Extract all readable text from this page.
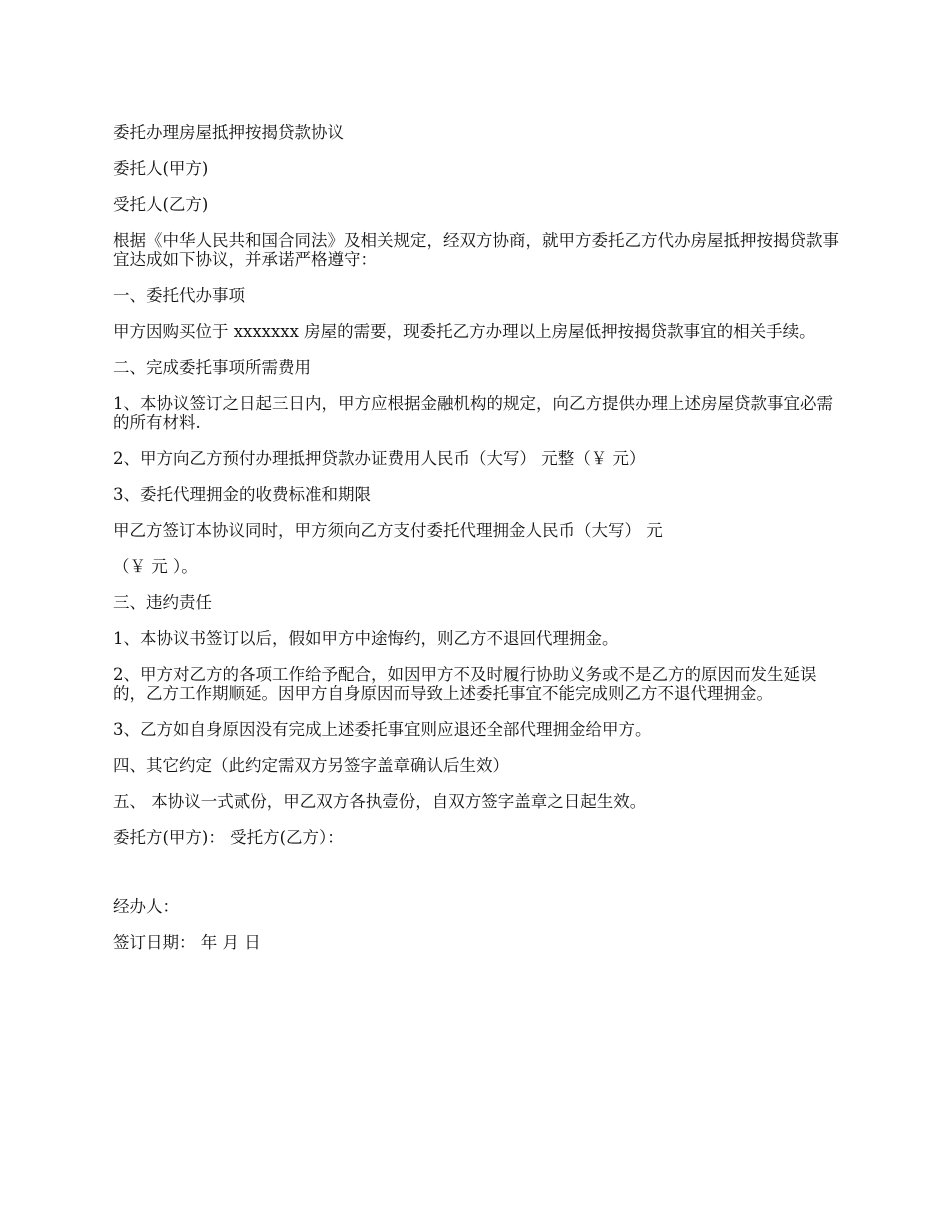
委托办理房屋抵押按揭贷款协议

委托人(甲方)

受托人(乙方)

根据《中华人民共和国合同法》及相关规定，经双方协商，就甲方委托乙方代办房屋抵押按揭贷款事宜达成如下协议，并承诺严格遵守：

一、委托代办事项

甲方因购买位于 xxxxxxx 房屋的需要，现委托乙方办理以上房屋低押按揭贷款事宜的相关手续。

二、完成委托事项所需费用

1、本协议签订之日起三日内，甲方应根据金融机构的规定，向乙方提供办理上述房屋贷款事宜必需的所有材料.

2、甲方向乙方预付办理抵押贷款办证费用人民币（大写） 元整（￥ 元）

3、委托代理拥金的收费标准和期限

甲乙方签订本协议同时，甲方须向乙方支付委托代理拥金人民币（大写） 元

（￥ 元 ）。

三、违约责任

1、本协议书签订以后，假如甲方中途悔约，则乙方不退回代理拥金。

2、甲方对乙方的各项工作给予配合，如因甲方不及时履行协助义务或不是乙方的原因而发生延误的，乙方工作期顺延。因甲方自身原因而导致上述委托事宜不能完成则乙方不退代理拥金。

3、乙方如自身原因没有完成上述委托事宜则应退还全部代理拥金给甲方。

四、其它约定（此约定需双方另签字盖章确认后生效）

五、 本协议一式贰份，甲乙双方各执壹份，自双方签字盖章之日起生效。

委托方(甲方)： 受托方(乙方）：

经办人：

签订日期： 年 月 日
